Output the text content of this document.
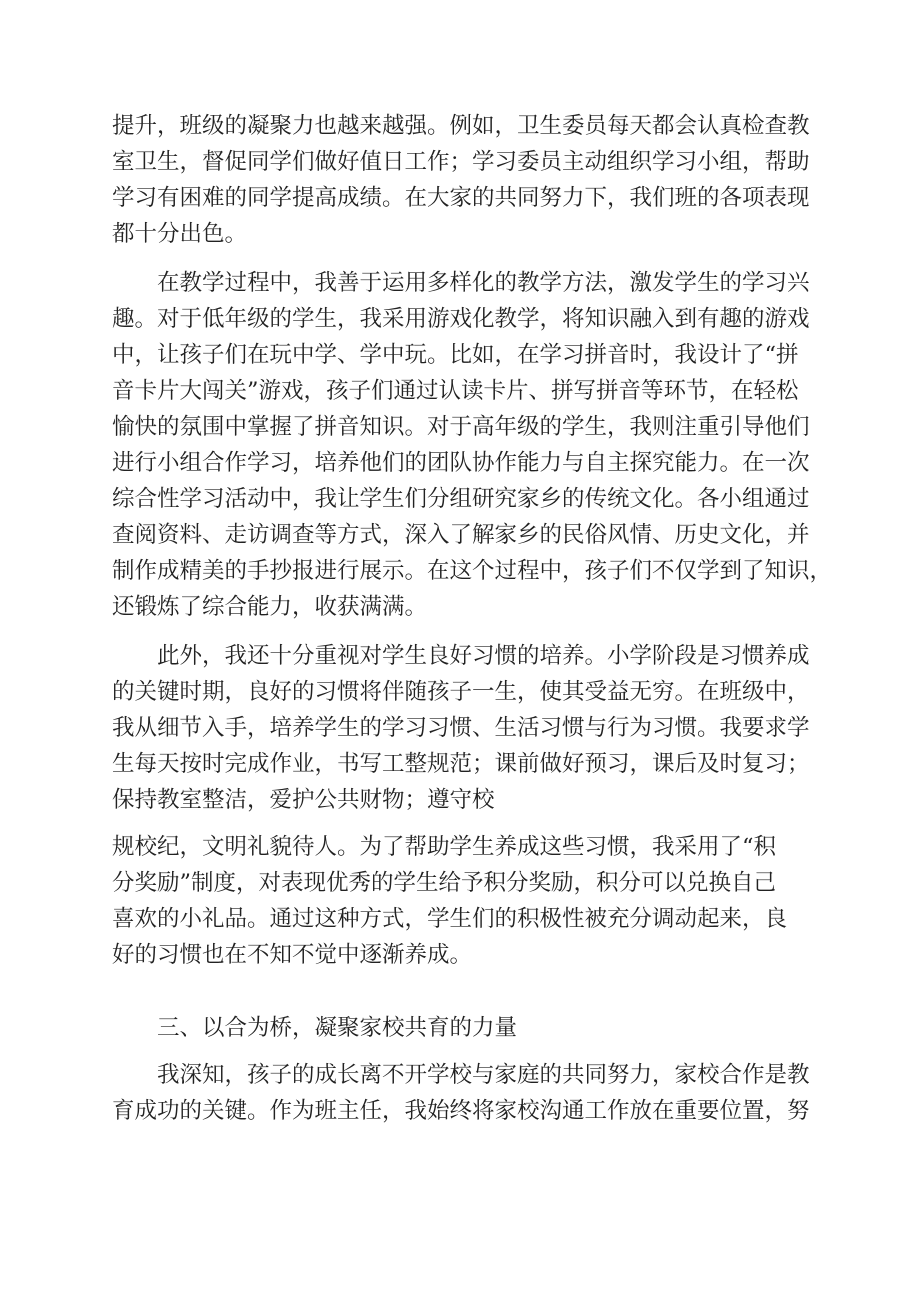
提升，班级的凝聚力也越来越强。例如，卫生委员每天都会认真检查教
室卫生，督促同学们做好值日工作；学习委员主动组织学习小组，帮助
学习有困难的同学提高成绩。在大家的共同努力下，我们班的各项表现
都十分出色。
在教学过程中，我善于运用多样化的教学方法，激发学生的学习兴
趣。对于低年级的学生，我采用游戏化教学，将知识融入到有趣的游戏
中，让孩子们在玩中学、学中玩。比如，在学习拼音时，我设计了“拼
音卡片大闯关”游戏，孩子们通过认读卡片、拼写拼音等环节，在轻松
愉快的氛围中掌握了拼音知识。对于高年级的学生，我则注重引导他们
进行小组合作学习，培养他们的团队协作能力与自主探究能力。在一次
综合性学习活动中，我让学生们分组研究家乡的传统文化。各小组通过
查阅资料、走访调查等方式，深入了解家乡的民俗风情、历史文化，并
制作成精美的手抄报进行展示。在这个过程中，孩子们不仅学到了知识，
还锻炼了综合能力，收获满满。
此外，我还十分重视对学生良好习惯的培养。小学阶段是习惯养成
的关键时期，良好的习惯将伴随孩子一生，使其受益无穷。在班级中，
我从细节入手，培养学生的学习习惯、生活习惯与行为习惯。我要求学
生每天按时完成作业，书写工整规范；课前做好预习，课后及时复习；
保持教室整洁，爱护公共财物；遵守校
规校纪，文明礼貌待人。为了帮助学生养成这些习惯，我采用了“积
分奖励”制度，对表现优秀的学生给予积分奖励，积分可以兑换自己
喜欢的小礼品。通过这种方式，学生们的积极性被充分调动起来，良
好的习惯也在不知不觉中逐渐养成。
三、以合为桥，凝聚家校共育的力量
我深知，孩子的成长离不开学校与家庭的共同努力，家校合作是教
育成功的关键。作为班主任，我始终将家校沟通工作放在重要位置，努
